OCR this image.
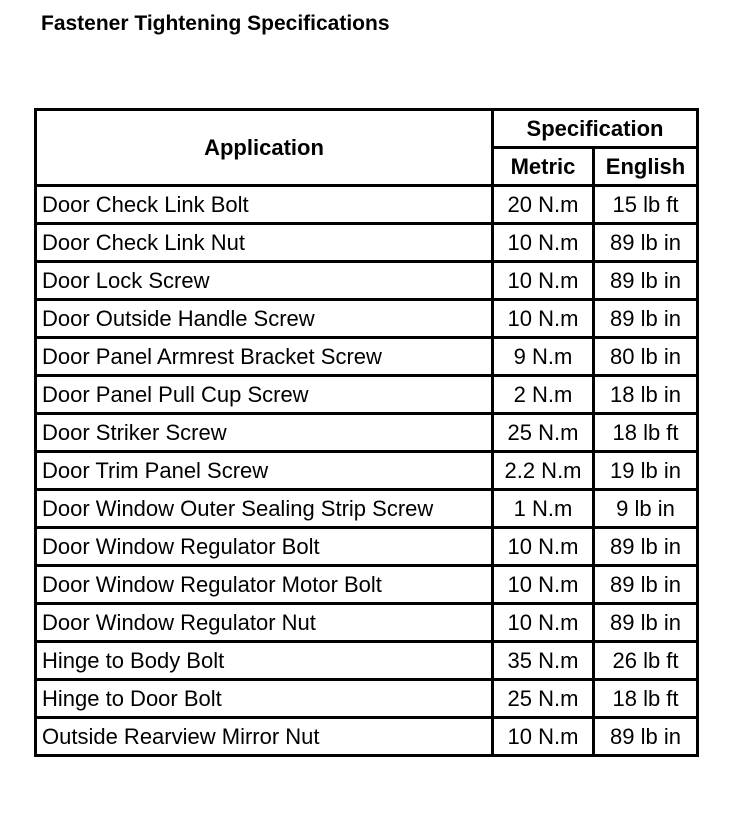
Fastener Tightening Specifications
Application	Specification	
	Metric	English
Door Check Link Bolt	20 N.m	15 lb ft
Door Check Link Nut	10 N.m	89 lb in
Door Lock Screw	10 N.m	89 lb in
Door Outside Handle Screw	10 N.m	89 lb in
Door Panel Armrest Bracket Screw	9 N.m	80 lb in
Door Panel Pull Cup Screw	2 N.m	18 lb in
Door Striker Screw	25 N.m	18 lb ft
Door Trim Panel Screw	2.2 N.m	19 lb in
Door Window Outer Sealing Strip Screw	1 N.m	9 lb in
Door Window Regulator Bolt	10 N.m	89 lb in
Door Window Regulator Motor Bolt	10 N.m	89 lb in
Door Window Regulator Nut	10 N.m	89 lb in
Hinge to Body Bolt	35 N.m	26 lb ft
Hinge to Door Bolt	25 N.m	18 lb ft
Outside Rearview Mirror Nut	10 N.m	89 lb in
